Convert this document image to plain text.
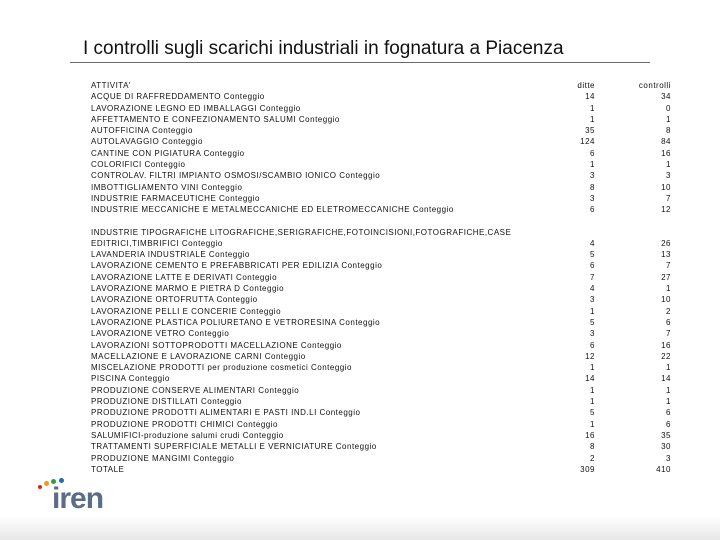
I controlli sugli scarichi industriali in fognatura a Piacenza
ATTIVITA'	ditte	controlli
ACQUE DI RAFFREDDAMENTO Conteggio	14	34
LAVORAZIONE LEGNO ED IMBALLAGGI Conteggio	1	0
AFFETTAMENTO E CONFEZIONAMENTO SALUMI Conteggio	1	1
AUTOFFICINA Conteggio	35	8
AUTOLAVAGGIO Conteggio	124	84
CANTINE CON PIGIATURA Conteggio	6	16
COLORIFICI Conteggio	1	1
CONTROLAV. FILTRI IMPIANTO OSMOSI/SCAMBIO IONICO Conteggio	3	3
IMBOTTIGLIAMENTO VINI Conteggio	8	10
INDUSTRIE FARMACEUTICHE Conteggio	3	7
INDUSTRIE MECCANICHE E METALMECCANICHE ED ELETROMECCANICHE Conteggio	6	12
INDUSTRIE TIPOGRAFICHE LITOGRAFICHE,SERIGRAFICHE,FOTOINCISIONI,FOTOGRAFICHE,CASE
EDITRICI,TIMBRIFICI Conteggio	4	26
LAVANDERIA INDUSTRIALE Conteggio	5	13
LAVORAZIONE CEMENTO E PREFABBRICATI PER EDILIZIA Conteggio	6	7
LAVORAZIONE LATTE E DERIVATI Conteggio	7	27
LAVORAZIONE MARMO E PIETRA D Conteggio	4	1
LAVORAZIONE ORTOFRUTTA Conteggio	3	10
LAVORAZIONE PELLI E CONCERIE Conteggio	1	2
LAVORAZIONE PLASTICA POLIURETANO E VETRORESINA Conteggio	5	6
LAVORAZIONE VETRO Conteggio	3	7
LAVORAZIONI SOTTOPRODOTTI MACELLAZIONE Conteggio	6	16
MACELLAZIONE E LAVORAZIONE CARNI Conteggio	12	22
MISCELAZIONE PRODOTTI per produzione cosmetici Conteggio	1	1
PISCINA Conteggio	14	14
PRODUZIONE CONSERVE ALIMENTARI Conteggio	1	1
PRODUZIONE DISTILLATI Conteggio	1	1
PRODUZIONE PRODOTTI ALIMENTARI E PASTI IND.LI Conteggio	5	6
PRODUZIONE PRODOTTI CHIMICI Conteggio	1	6
SALUMIFICI-produzione salumi crudi Conteggio	16	35
TRATTAMENTI SUPERFICIALE METALLI E VERNICIATURE Conteggio	8	30
PRODUZIONE MANGIMI Conteggio	2	3
TOTALE	309	410
iren
